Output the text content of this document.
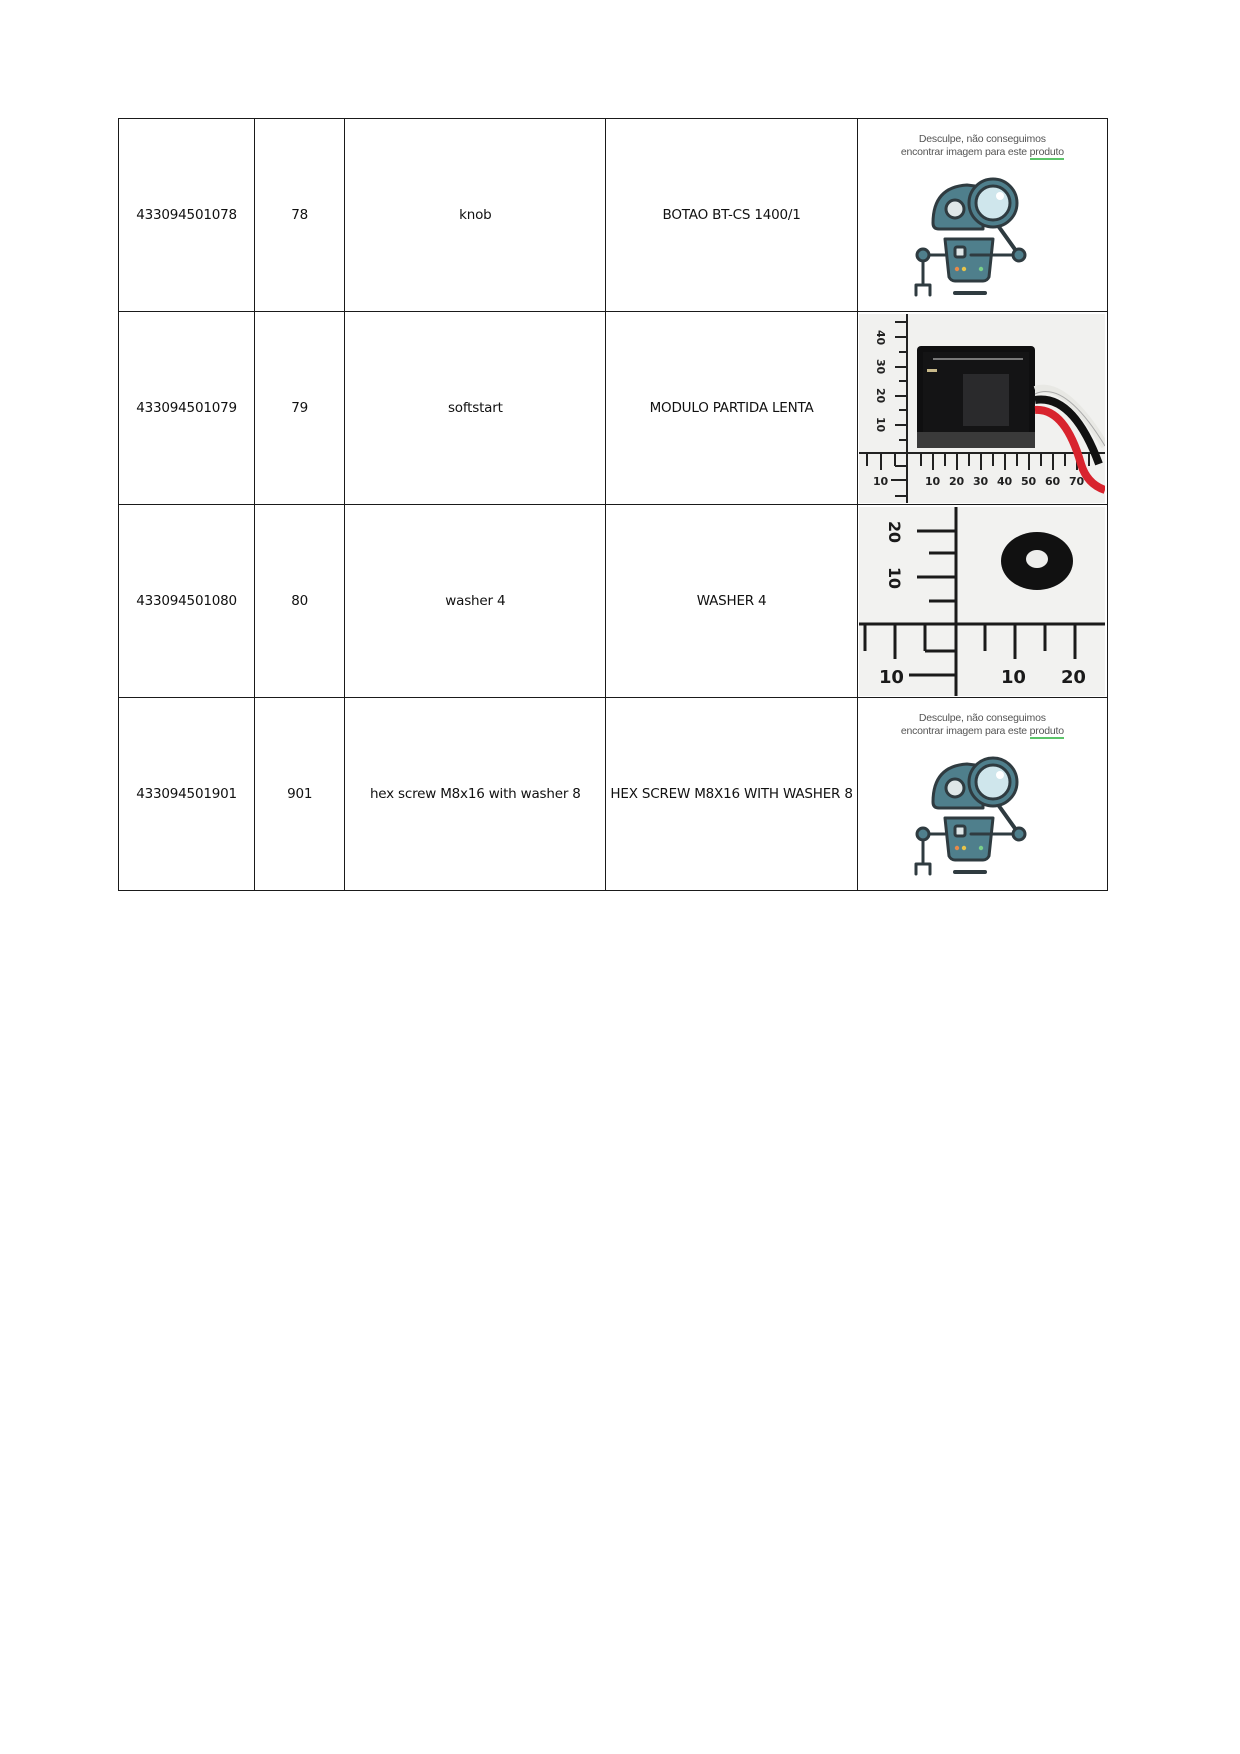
433094501078	78	knob	BOTAO BT-CS 1400/1	Desculpe, não conseguimos
encontrar imagem para este produto

433094501079	79	softstart	MODULO PARTIDA LENTA	
40
30
20
10
10	10 20 30 40 50 60 70

433094501080	80	washer 4	WASHER 4	20
10
10 10 20

433094501901	901	hex screw M8x16 with washer 8	HEX SCREW M8X16 WITH WASHER 8	Desculpe, não conseguimos
encontrar imagem para este produto
